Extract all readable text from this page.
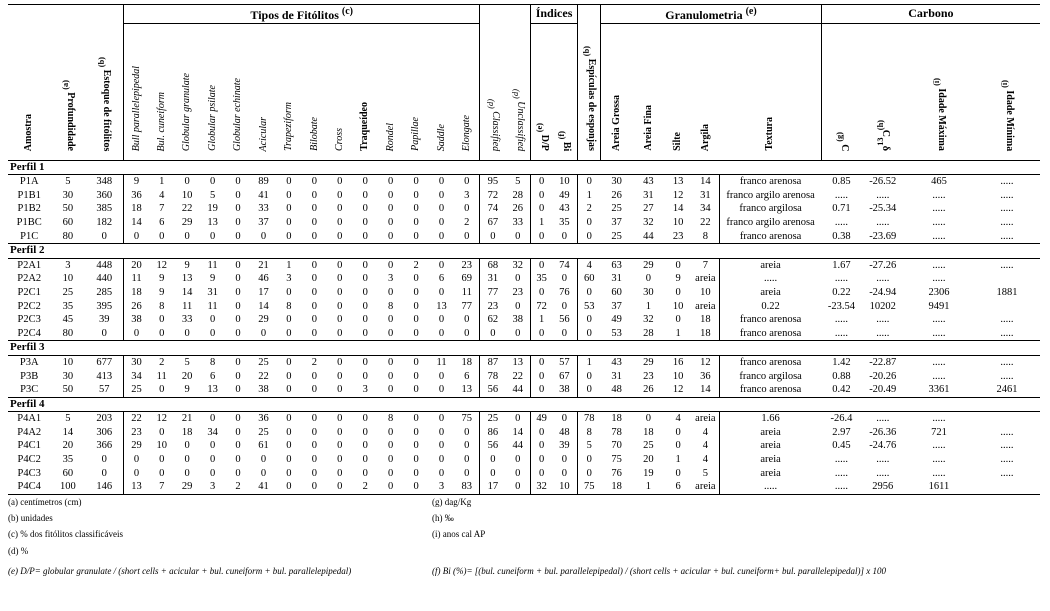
Amostra	Profundidade $^{(a)}$	Estoque de fitólitos $^{(b)}$	Tipos de Fitólitos $^{(c)}$														Classified $^{(d)}$	Unclassified $^{(d)}$	Índices		Espículas de esponjas $^{(b)}$	Granulometria $^{(e)}$					Carbono			
			Bull parallelepipedal	Bul. cuneiform	Globular granulate	Globular psilate	Globular echinate	Acicular	Trapeziform	Bilobate	Cross	Traqueídeo	Rondel	Papillae	Saddle	Elongate			D/P $^{(e)}$	Bi $^{(f)}$		Areia Grossa	Areia Fina	Silte	Argila	Textura	C $^{(g)}$	$\delta^{13}C^{(h)}$	Idade Máxima $^{(i)}$	Idade Mínima $^{(i)}$
Perfil 1																														
P1A	5	348	9	1	0	0	0	89	0	0	0	0	0	0	0	0	95	5	0	10	0	30	43	13	14	franco arenosa	0.85	-26.52	465	.....
P1B1	30	360	36	4	10	5	0	41	0	0	0	0	0	0	0	3	72	28	0	49	1	26	31	12	31	franco argilo arenosa	.....	.....	.....	.....
P1B2	50	385	18	7	22	19	0	33	0	0	0	0	0	0	0	0	74	26	0	43	2	25	27	14	34	franco argilosa	0.71	-25.34	.....	.....
P1BC	60	182	14	6	29	13	0	37	0	0	0	0	0	0	0	2	67	33	1	35	0	37	32	10	22	franco argilo arenosa	.....	.....	.....	.....
P1C	80	0	0	0	0	0	0	0	0	0	0	0	0	0	0	0	0	0	0	0	0	25	44	23	8	franco arenosa	0.38	-23.69	.....	.....
Perfil 2																														
P2A1	3	448	20	12	9	11	0	21	1	0	0	0	0	2	0	23	68	32	0	74	4	63	29	0	7	areia	1.67	-27.26	.....	.....
P2A2	10	440	11	9	13	9	0	46	3	0	0	0	3	0	6	69	31	0	35	0	60	31	0	9	areia	.....	.....	.....	.....	
P2C1	25	285	18	9	14	31	0	17	0	0	0	0	0	0	0	11	77	23	0	76	0	60	30	0	10	areia	0.22	-24.94	2306	1881
P2C2	35	395	26	8	11	11	0	14	8	0	0	0	8	0	13	77	23	0	72	0	53	37	1	10	areia	0.22	-23.54	10202	9491	
P2C3	45	39	38	0	33	0	0	29	0	0	0	0	0	0	0	0	62	38	1	56	0	49	32	0	18	franco arenosa	.....	.....	.....	.....
P2C4	80	0	0	0	0	0	0	0	0	0	0	0	0	0	0	0	0	0	0	0	0	53	28	1	18	franco arenosa	.....	.....	.....	.....
Perfil 3																														
P3A	10	677	30	2	5	8	0	25	0	2	0	0	0	0	11	18	87	13	0	57	1	43	29	16	12	franco arenosa	1.42	-22.87	.....	.....
P3B	30	413	34	11	20	6	0	22	0	0	0	0	0	0	0	6	78	22	0	67	0	31	23	10	36	franco argilosa	0.88	-20.26	.....	.....
P3C	50	57	25	0	9	13	0	38	0	0	0	3	0	0	0	13	56	44	0	38	0	48	26	12	14	franco arenosa	0.42	-20.49	3361	2461
Perfil 4																														
P4A1	5	203	22	12	21	0	0	36	0	0	0	0	8	0	0	75	25	0	49	0	78	18	0	4	areia	1.66	-26.4	.....	.....	
P4A2	14	306	23	0	18	34	0	25	0	0	0	0	0	0	0	0	86	14	0	48	8	78	18	0	4	areia	2.97	-26.36	721	.....
P4C1	20	366	29	10	0	0	0	61	0	0	0	0	0	0	0	0	56	44	0	39	5	70	25	0	4	areia	0.45	-24.76	.....	.....
P4C2	35	0	0	0	0	0	0	0	0	0	0	0	0	0	0	0	0	0	0	0	0	75	20	1	4	areia	.....	.....	.....	.....
P4C3	60	0	0	0	0	0	0	0	0	0	0	0	0	0	0	0	0	0	0	0	0	76	19	0	5	areia	.....	.....	.....	.....
P4C4	100	146	13	7	29	3	2	41	0	0	0	2	0	0	3	83	17	0	32	10	75	18	1	6	areia	.....	.....	2956	1611	
(a) centímetros (cm)
(b) unidades
(c) % dos fitólitos classificáveis
(d) %
(e) D/P= globular granulate / (short cells + acicular + bul. cuneiform + bul. parallelepipedal)
(g) dag/Kg
(h) ‰
(i) anos cal AP
(f) Bi (%)= [(bul. cuneiform + bul. parallelepipedal) / (short cells + acicular + bul. cuneiform+ bul. parallelepipedal)] x 100
